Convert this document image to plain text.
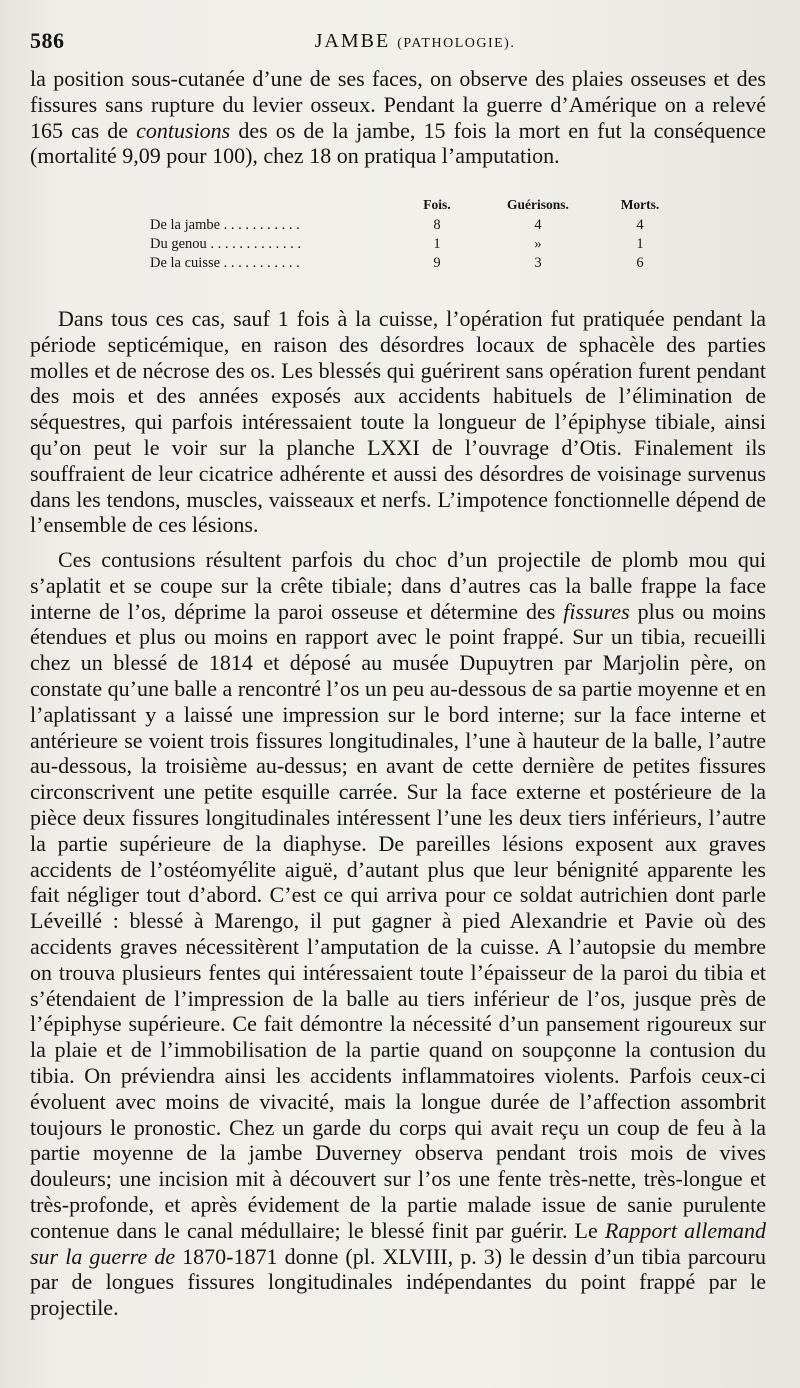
586	JAMBE (PATHOLOGIE).

la position sous-cutanée d’une de ses faces, on observe des plaies osseuses et des fissures sans rupture du levier osseux. Pendant la guerre d’Amérique on a relevé 165 cas de contusions des os de la jambe, 15 fois la mort en fut la conséquence (mortalité 9,09 pour 100), chez 18 on pratiqua l’amputation.

Fois.	Guérisons.	Morts.
De la jambe . . . . . . . . . . .	8	4	4
Du genou . . . . . . . . . . . . .	1	»	1
De la cuisse . . . . . . . . . . .	9	3	6

Dans tous ces cas, sauf 1 fois à la cuisse, l’opération fut pratiquée pendant la période septicémique, en raison des désordres locaux de sphacèle des parties molles et de nécrose des os. Les blessés qui guérirent sans opération furent pendant des mois et des années exposés aux accidents habituels de l’élimination de séquestres, qui parfois intéressaient toute la longueur de l’épiphyse tibiale, ainsi qu’on peut le voir sur la planche LXXI de l’ouvrage d’Otis. Finalement ils souffraient de leur cicatrice adhérente et aussi des désordres de voisinage survenus dans les tendons, muscles, vaisseaux et nerfs. L’impotence fonctionnelle dépend de l’ensemble de ces lésions.

Ces contusions résultent parfois du choc d’un projectile de plomb mou qui s’aplatit et se coupe sur la crête tibiale; dans d’autres cas la balle frappe la face interne de l’os, déprime la paroi osseuse et détermine des fissures plus ou moins étendues et plus ou moins en rapport avec le point frappé. Sur un tibia, recueilli chez un blessé de 1814 et déposé au musée Dupuytren par Marjolin père, on constate qu’une balle a rencontré l’os un peu au-dessous de sa partie moyenne et en l’aplatissant y a laissé une impression sur le bord interne; sur la face interne et antérieure se voient trois fissures longitudinales, l’une à hauteur de la balle, l’autre au-dessous, la troisième au-dessus; en avant de cette dernière de petites fissures circonscrivent une petite esquille carrée. Sur la face externe et postérieure de la pièce deux fissures longitudinales intéressent l’une les deux tiers inférieurs, l’autre la partie supérieure de la diaphyse. De pareilles lésions exposent aux graves accidents de l’ostéomyélite aiguë, d’autant plus que leur bénignité apparente les fait négliger tout d’abord. C’est ce qui arriva pour ce soldat autrichien dont parle Léveillé : blessé à Marengo, il put gagner à pied Alexandrie et Pavie où des accidents graves nécessitèrent l’amputation de la cuisse. A l’autopsie du membre on trouva plusieurs fentes qui intéressaient toute l’épaisseur de la paroi du tibia et s’étendaient de l’impression de la balle au tiers inférieur de l’os, jusque près de l’épiphyse supérieure. Ce fait démontre la nécessité d’un pansement rigoureux sur la plaie et de l’immobilisation de la partie quand on soupçonne la contusion du tibia. On préviendra ainsi les accidents inflammatoires violents. Parfois ceux-ci évoluent avec moins de vivacité, mais la longue durée de l’affection assombrit toujours le pronostic. Chez un garde du corps qui avait reçu un coup de feu à la partie moyenne de la jambe Duverney observa pendant trois mois de vives douleurs; une incision mit à découvert sur l’os une fente très-nette, très-longue et très-profonde, et après évidement de la partie malade issue de sanie purulente contenue dans le canal médullaire; le blessé finit par guérir. Le Rapport allemand sur la guerre de 1870-1871 donne (pl. XLVIII, p. 3) le dessin d’un tibia parcouru par de longues fissures longitudinales indépendantes du point frappé par le projectile.
